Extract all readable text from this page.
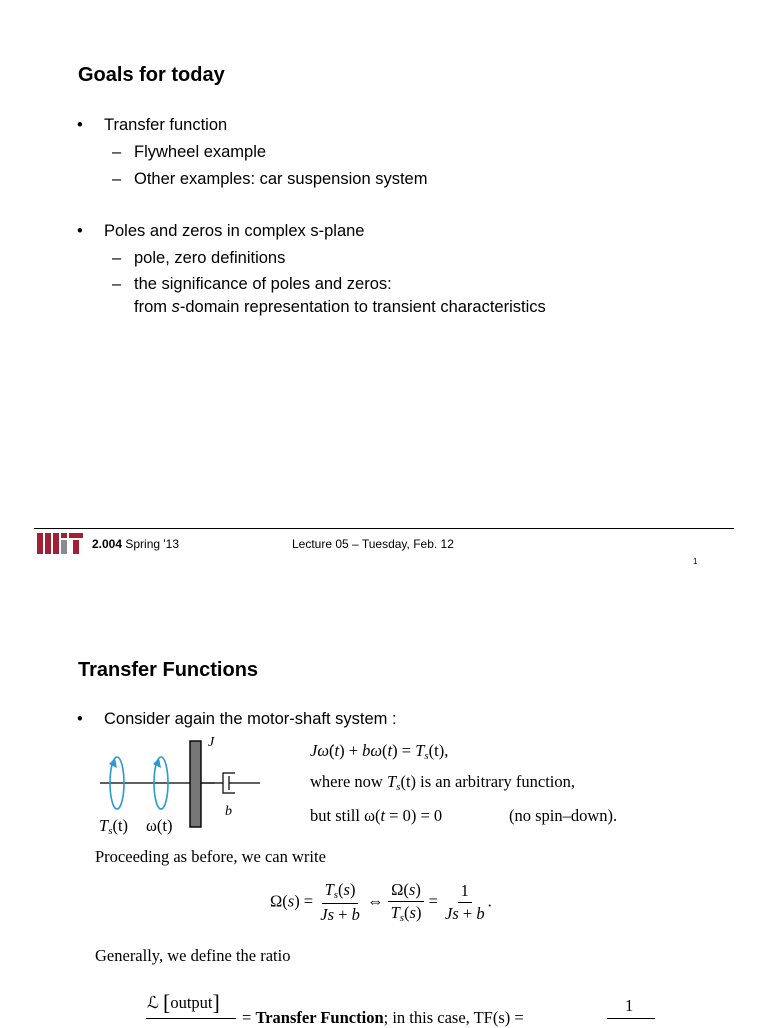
Goals for today
• Transfer function
– Flywheel example
– Other examples: car suspension system
• Poles and zeros in complex s-plane
– pole, zero definitions
– the significance of poles and zeros:
from s-domain representation to transient characteristics
2.004 Spring '13	Lecture 05 – Tuesday, Feb. 12
1
Transfer Functions
• Consider again the motor-shaft system :
J
b
$T_s(t)$ ω(t)
Jω̇(t) + $b\omega(t) = T_s(t)$,
where now $T_s(t)$ is an arbitrary function,
but still ω(t = 0) = 0	(no spin–down).
Proceeding as before, we can write
$\Omega(s) = \frac{T_s(s)}{Js + b}$ ⇔ $\frac{\Omega(s)}{T_s(s)} = \frac{1}{Js + b}$ .
Generally, we define the ratio
ℒ [output]
= Transfer Function; in this case, TF(s) =
1
